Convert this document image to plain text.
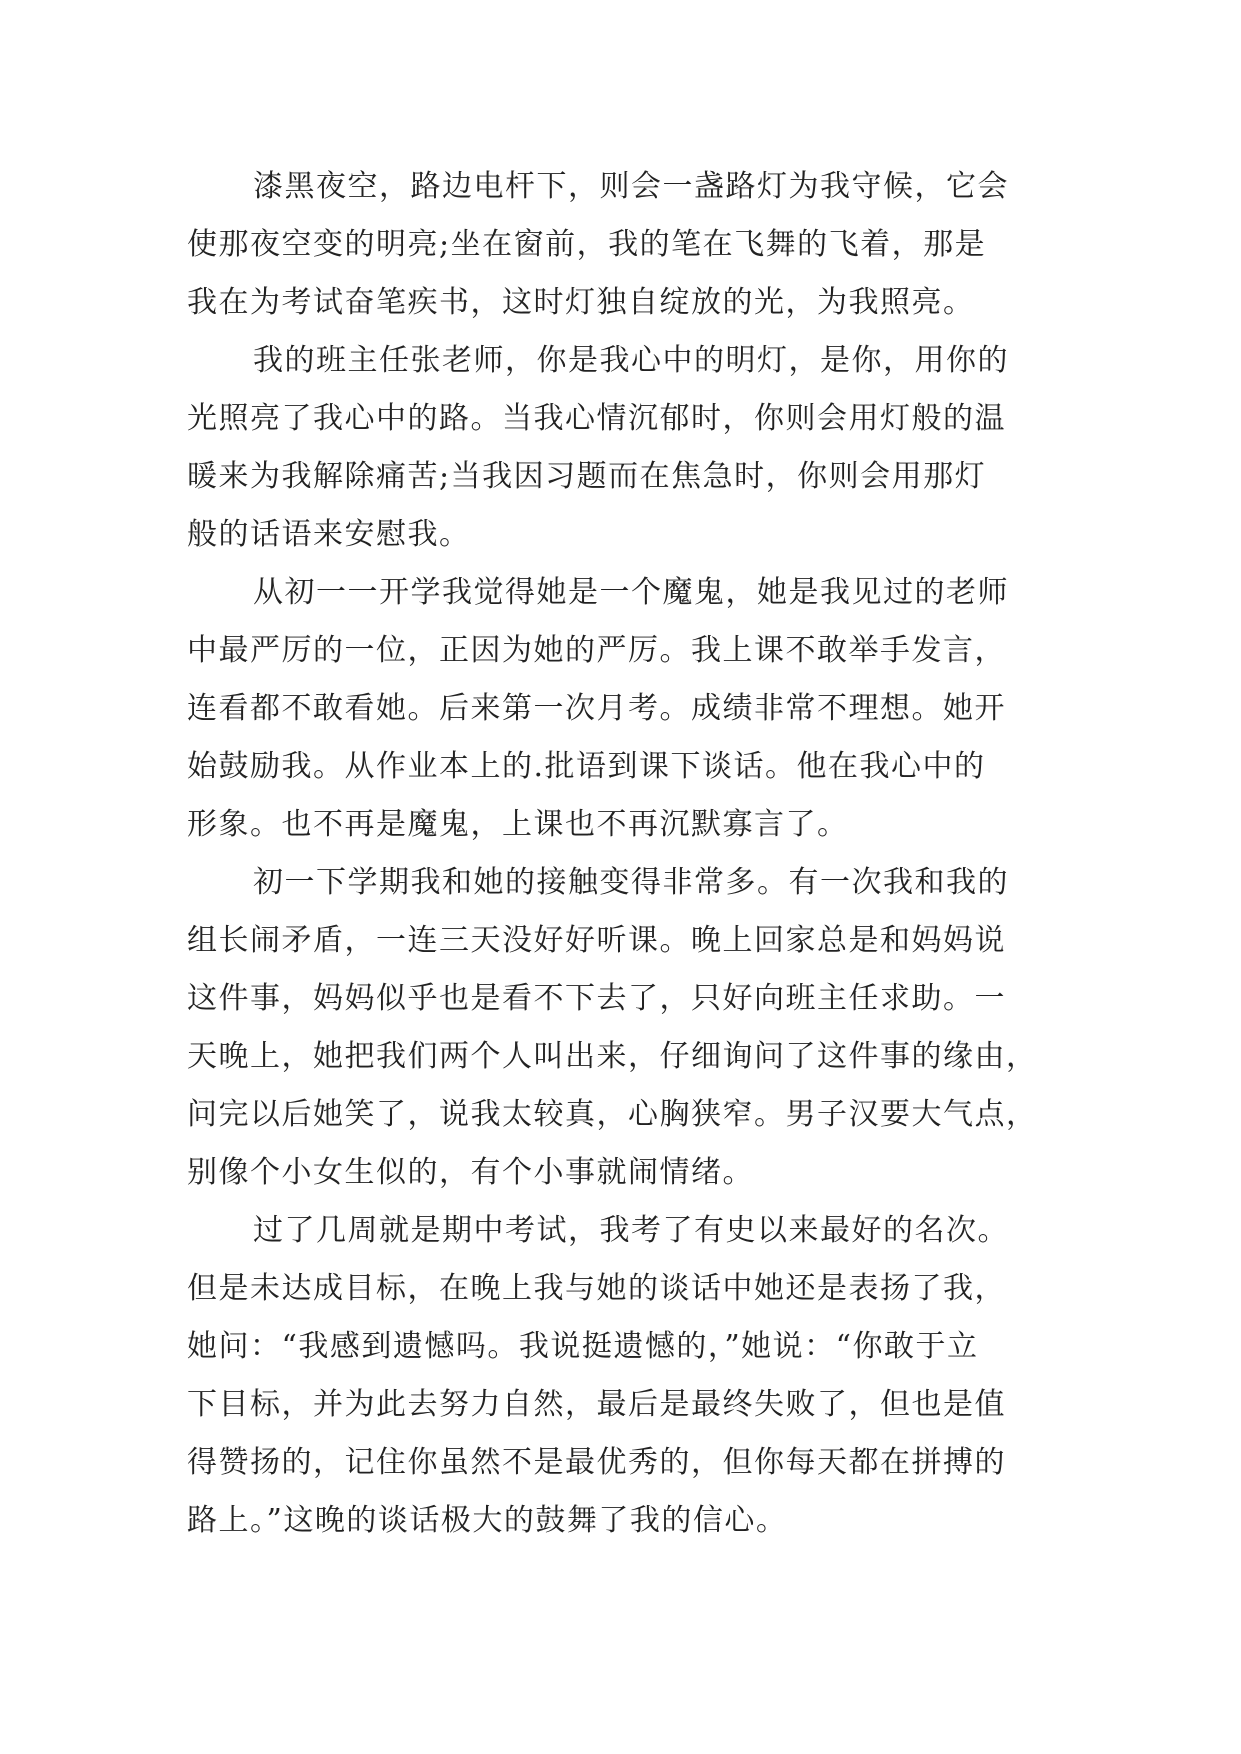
漆黑夜空，路边电杆下，则会一盏路灯为我守候，它会
使那夜空变的明亮;坐在窗前，我的笔在飞舞的飞着，那是
我在为考试奋笔疾书，这时灯独自绽放的光，为我照亮。
我的班主任张老师，你是我心中的明灯，是你，用你的
光照亮了我心中的路。当我心情沉郁时，你则会用灯般的温
暖来为我解除痛苦;当我因习题而在焦急时，你则会用那灯
般的话语来安慰我。
从初一一开学我觉得她是一个魔鬼，她是我见过的老师
中最严厉的一位，正因为她的严厉。我上课不敢举手发言，
连看都不敢看她。后来第一次月考。成绩非常不理想。她开
始鼓励我。从作业本上的.批语到课下谈话。他在我心中的
形象。也不再是魔鬼，上课也不再沉默寡言了。
初一下学期我和她的接触变得非常多。有一次我和我的
组长闹矛盾，一连三天没好好听课。晚上回家总是和妈妈说
这件事，妈妈似乎也是看不下去了，只好向班主任求助。一
天晚上，她把我们两个人叫出来，仔细询问了这件事的缘由，
问完以后她笑了，说我太较真，心胸狭窄。男子汉要大气点，
别像个小女生似的，有个小事就闹情绪。
过了几周就是期中考试，我考了有史以来最好的名次。
但是未达成目标，在晚上我与她的谈话中她还是表扬了我，
她问：“我感到遗憾吗。我说挺遗憾的，”她说：“你敢于立
下目标，并为此去努力自然，最后是最终失败了，但也是值
得赞扬的，记住你虽然不是最优秀的，但你每天都在拼搏的
路上。”这晚的谈话极大的鼓舞了我的信心。
